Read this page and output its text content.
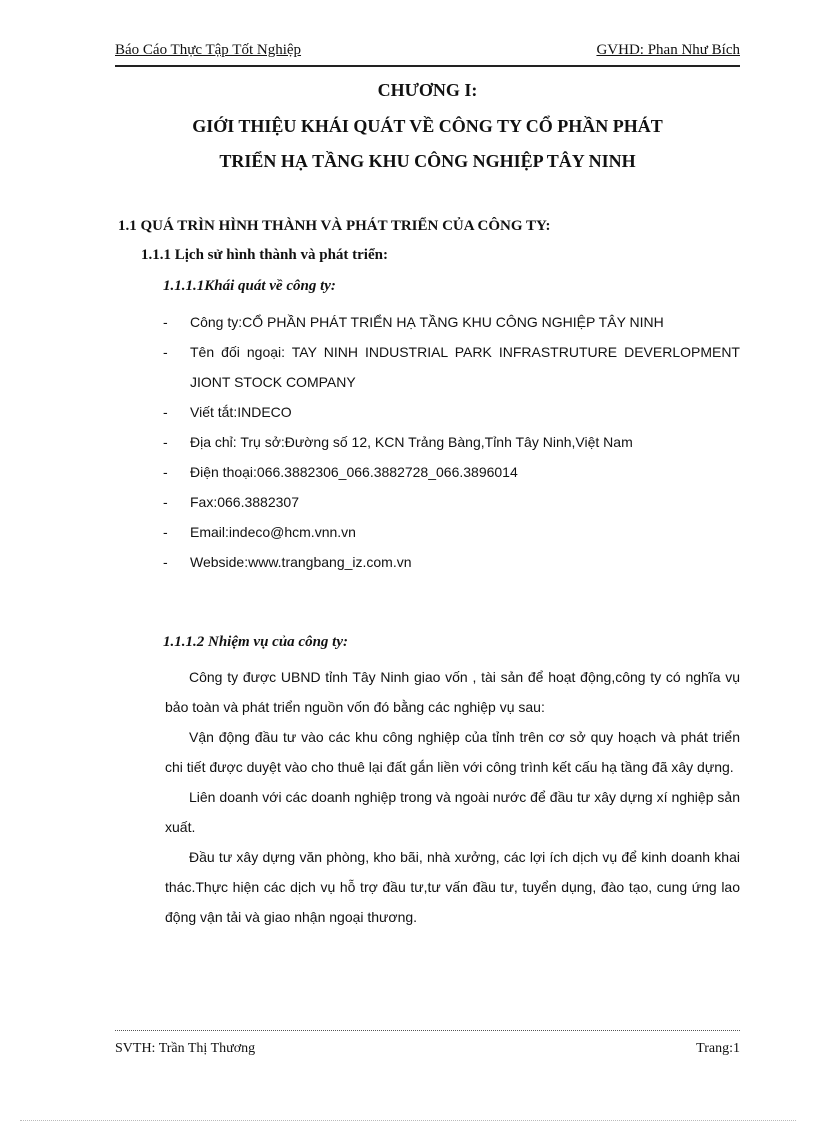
Báo Cáo Thực Tập Tốt Nghiệp	GVHD: Phan Như Bích
CHƯƠNG I:
GIỚI THIỆU KHÁI QUÁT VỀ CÔNG TY CỔ PHẦN PHÁT
TRIỂN HẠ TẦNG KHU CÔNG NGHIỆP TÂY NINH
1.1 QUÁ TRÌN HÌNH THÀNH VÀ PHÁT TRIỂN CỦA CÔNG TY:
1.1.1 Lịch sử hình thành và phát triển:
1.1.1.1Khái quát về công ty:
- Công ty:CỔ PHẦN PHÁT TRIỂN HẠ TẦNG KHU CÔNG NGHIỆP TÂY NINH
- Tên đối ngoại: TAY NINH INDUSTRIAL PARK INFRASTRUTURE DEVERLOPMENT JIONT STOCK COMPANY
- Viết tắt:INDECO
- Địa chỉ: Trụ sở:Đường số 12, KCN Trảng Bàng,Tỉnh Tây Ninh,Việt Nam
- Điện thoại:066.3882306_066.3882728_066.3896014
- Fax:066.3882307
- Email:indeco@hcm.vnn.vn
- Webside:www.trangbang_iz.com.vn
1.1.1.2 Nhiệm vụ của công ty:

Công ty được UBND tỉnh Tây Ninh giao vốn , tài sản để hoạt động,công ty có nghĩa vụ bảo toàn và phát triển nguồn vốn đó bằng các nghiệp vụ sau:

Vận động đầu tư vào các khu công nghiệp của tỉnh trên cơ sở quy hoạch và phát triển chi tiết được duyệt vào cho thuê lại đất gắn liền với công trình kết cấu hạ tầng đã xây dựng.

Liên doanh với các doanh nghiệp trong và ngoài nước để đầu tư xây dựng xí nghiệp sản xuất.

Đầu tư xây dựng văn phòng, kho bãi, nhà xưởng, các lợi ích dịch vụ để kinh doanh khai thác.Thực hiện các dịch vụ hỗ trợ đầu tư,tư vấn đầu tư, tuyển dụng, đào tạo, cung ứng lao động vận tải và giao nhận ngoại thương.

SVTH: Trần Thị Thương	Trang:1
